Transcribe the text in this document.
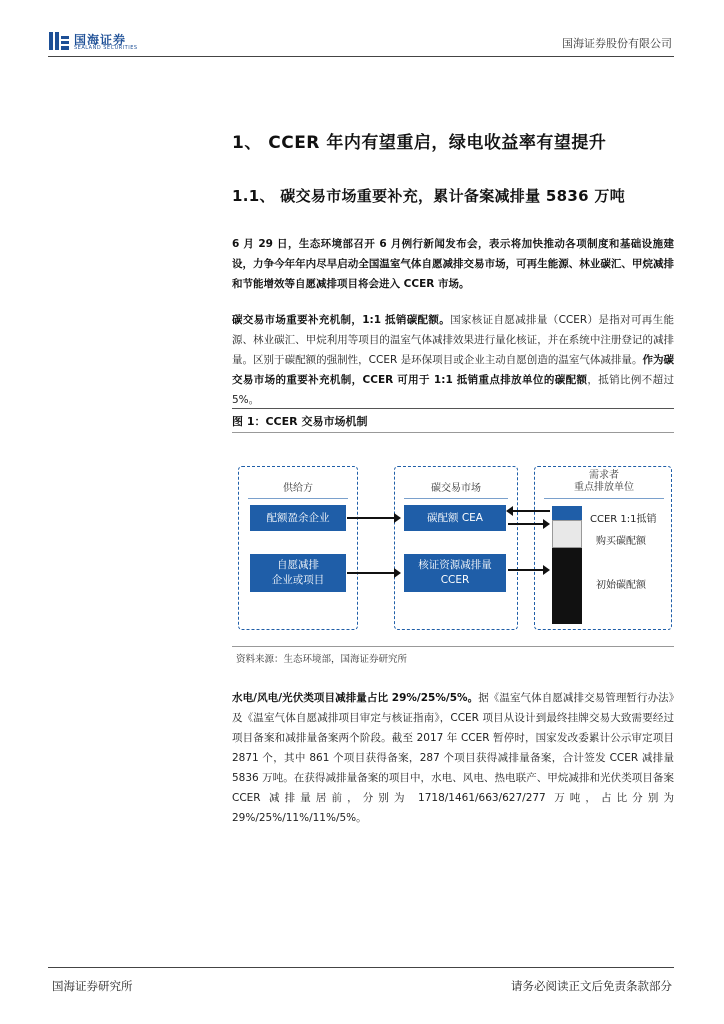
国海证券
SEALAND SECURITIES	国海证券股份有限公司
1、 CCER 年内有望重启，绿电收益率有望提升
1.1、 碳交易市场重要补充，累计备案减排量 5836 万吨
6 月 29 日，生态环境部召开 6 月例行新闻发布会，表示将加快推动各项制度和基础设施建设，力争今年年内尽早启动全国温室气体自愿减排交易市场，可再生能源、林业碳汇、甲烷减排和节能增效等自愿减排项目将会进入 CCER 市场。
碳交易市场重要补充机制，1:1 抵销碳配额。国家核证自愿减排量（CCER）是指对可再生能源、林业碳汇、甲烷利用等项目的温室气体减排效果进行量化核证，并在系统中注册登记的减排量。区别于碳配额的强制性，CCER 是环保项目或企业主动自愿创造的温室气体减排量。作为碳交易市场的重要补充机制，CCER 可用于 1:1 抵销重点排放单位的碳配额，抵销比例不超过 5%。
图 1：CCER 交易市场机制
供给方
配额盈余企业
自愿减排
企业或项目
碳交易市场
碳配额 CEA
核证资源减排量
CCER
需求者
重点排放单位
CCER 1:1抵销
购买碳配额
初始碳配额
资料来源：生态环境部，国海证券研究所
水电/风电/光伏类项目减排量占比 29%/25%/5%。据《温室气体自愿减排交易管理暂行办法》及《温室气体自愿减排项目审定与核证指南》，CCER 项目从设计到最终挂牌交易大致需要经过项目备案和减排量备案两个阶段。截至 2017 年 CCER 暂停时，国家发改委累计公示审定项目 2871 个，其中 861 个项目获得备案，287 个项目获得减排量备案，合计签发 CCER 减排量 5836 万吨。在获得减排量备案的项目中，水电、风电、热电联产、甲烷减排和光伏类项目备案 CCER 减排量居前，分别为 1718/1461/663/627/277 万吨，占比分别为 29%/25%/11%/11%/5%。
国海证券研究所	请务必阅读正文后免责条款部分
